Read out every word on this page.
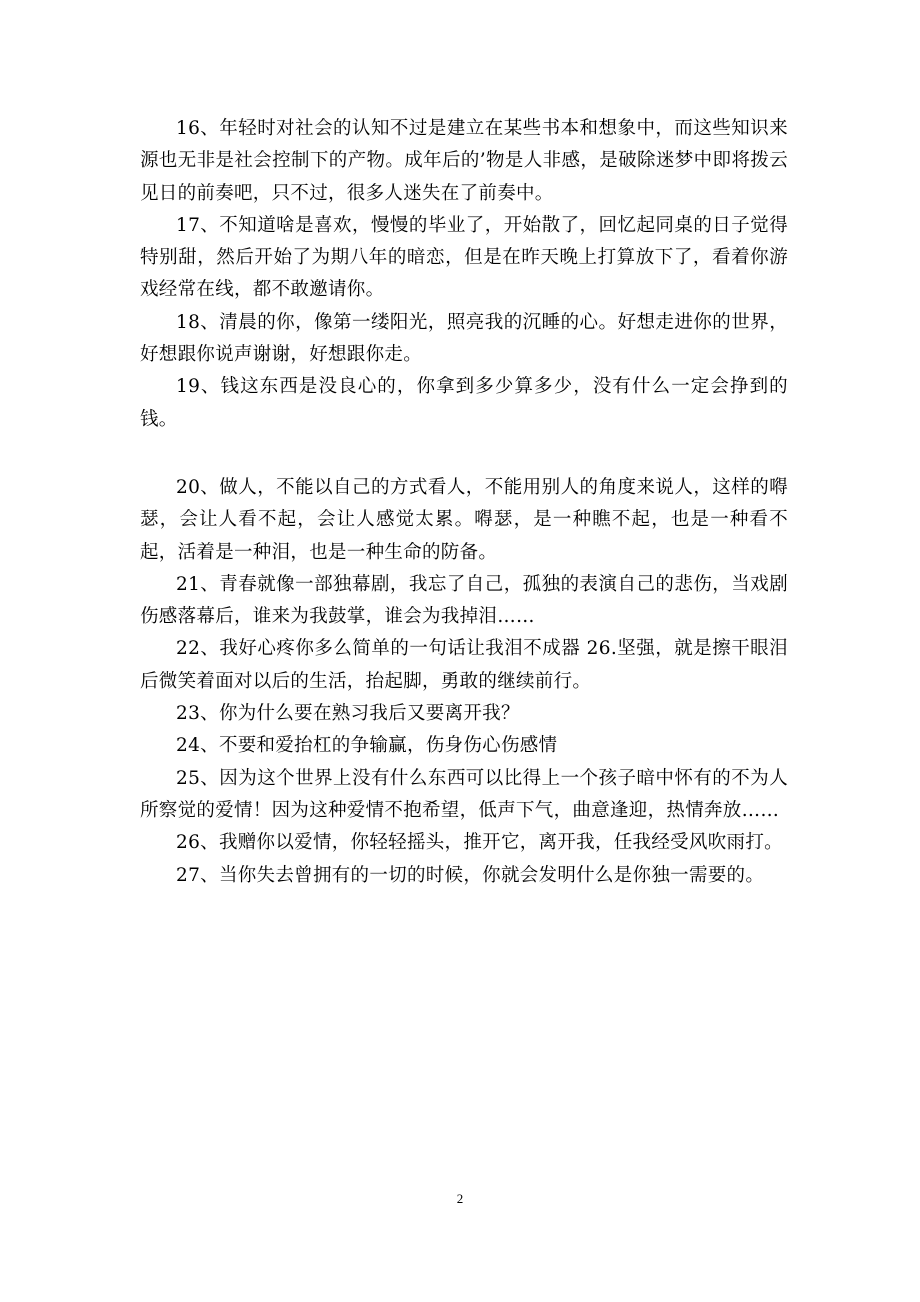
16、年轻时对社会的认知不过是建立在某些书本和想象中，而这些知识来源也无非是社会控制下的产物。成年后的’物是人非感，是破除迷梦中即将拨云见日的前奏吧，只不过，很多人迷失在了前奏中。

17、不知道啥是喜欢，慢慢的毕业了，开始散了，回忆起同桌的日子觉得特别甜，然后开始了为期八年的暗恋，但是在昨天晚上打算放下了，看着你游戏经常在线，都不敢邀请你。

18、清晨的你，像第一缕阳光，照亮我的沉睡的心。好想走进你的世界，好想跟你说声谢谢，好想跟你走。

19、钱这东西是没良心的，你拿到多少算多少，没有什么一定会挣到的钱。

20、做人，不能以自己的方式看人，不能用别人的角度来说人，这样的嘚瑟，会让人看不起，会让人感觉太累。嘚瑟，是一种瞧不起，也是一种看不起，活着是一种泪，也是一种生命的防备。

21、青春就像一部独幕剧，我忘了自己，孤独的表演自己的悲伤，当戏剧伤感落幕后，谁来为我鼓掌，谁会为我掉泪……

22、我好心疼你多么简单的一句话让我泪不成器 26.坚强，就是擦干眼泪后微笑着面对以后的生活，抬起脚，勇敢的继续前行。

23、你为什么要在熟习我后又要离开我？

24、不要和爱抬杠的争输赢，伤身伤心伤感情

25、因为这个世界上没有什么东西可以比得上一个孩子暗中怀有的不为人所察觉的爱情！因为这种爱情不抱希望，低声下气，曲意逢迎，热情奔放……

26、我赠你以爱情，你轻轻摇头，推开它，离开我，任我经受风吹雨打。

27、当你失去曾拥有的一切的时候，你就会发明什么是你独一需要的。

2
